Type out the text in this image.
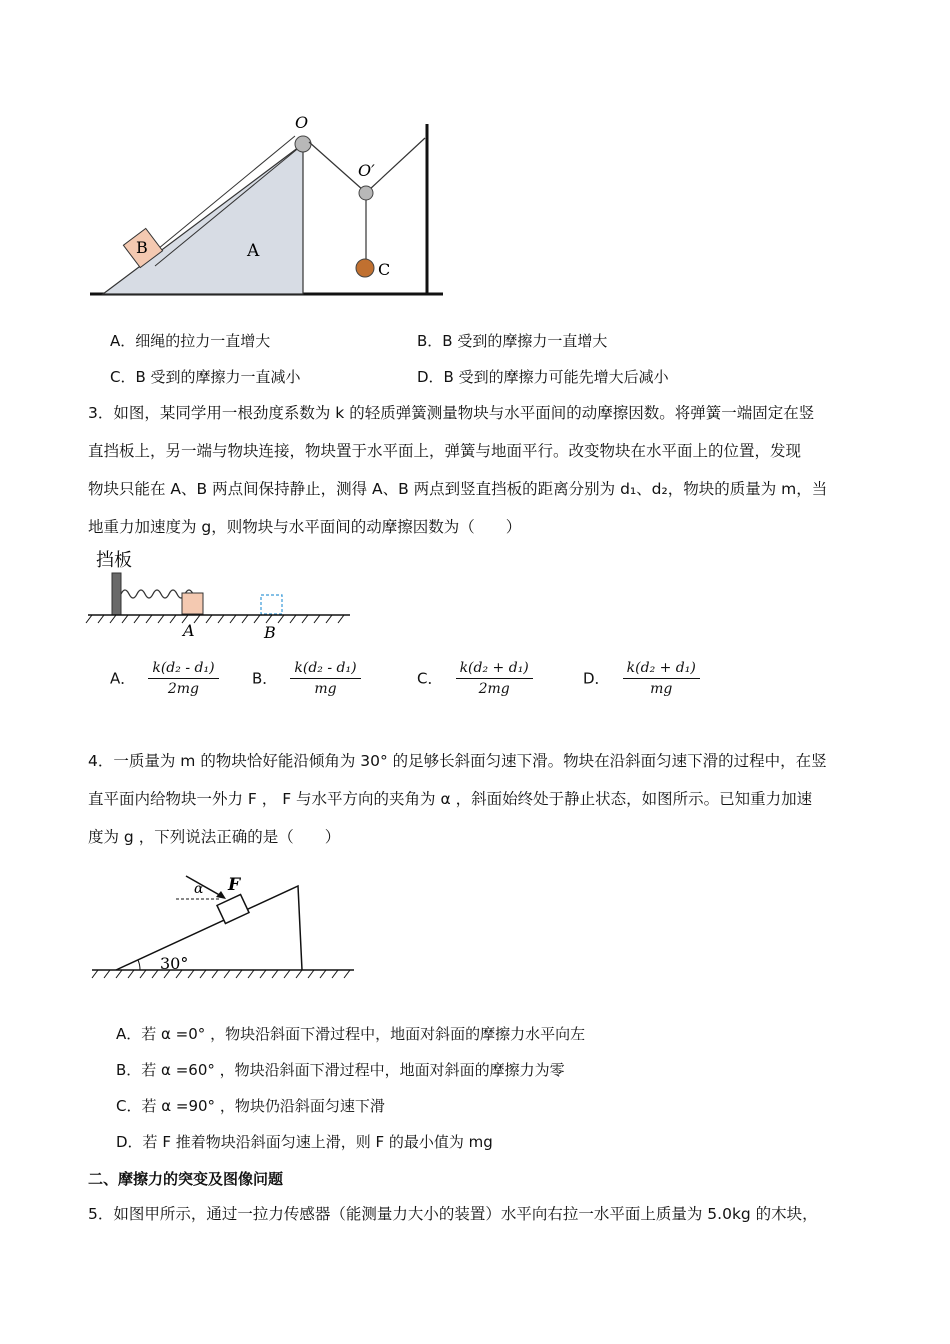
B	A
O
O′
C
A．细绳的拉力一直增大	B．B 受到的摩擦力一直增大
C．B 受到的摩擦力一直减小	D．B 受到的摩擦力可能先增大后减小
3．如图，某同学用一根劲度系数为 k 的轻质弹簧测量物块与水平面间的动摩擦因数。将弹簧一端固定在竖
直挡板上，另一端与物块连接，物块置于水平面上，弹簧与地面平行。改变物块在水平面上的位置，发现
物块只能在 A、B 两点间保持静止，测得 A、B 两点到竖直挡板的距离分别为 d₁、d₂，物块的质量为 m，当
地重力加速度为 g，则物块与水平面间的动摩擦因数为（　　）
挡板
A	B
A． $\frac{\text{k(d₂ - d₁)}}{2mg}$ B． $\frac{\text{k(d₂ - d₁)}}{mg}$	C． $\frac{\text{k(d₂ + d₁)}}{2mg}$	D． $\frac{\text{k(d₂ + d₁)}}{mg}$
4．一质量为 m 的物块恰好能沿倾角为 30° 的足够长斜面匀速下滑。物块在沿斜面匀速下滑的过程中，在竖
直平面内给物块一外力 F ， F 与水平方向的夹角为 α ，斜面始终处于静止状态，如图所示。已知重力加速
度为 g ，下列说法正确的是（　　）
30°
F
α
A．若 α =0° ，物块沿斜面下滑过程中，地面对斜面的摩擦力水平向左
B．若 α =60° ，物块沿斜面下滑过程中，地面对斜面的摩擦力为零
C．若 α =90° ，物块仍沿斜面匀速下滑
D．若 F 推着物块沿斜面匀速上滑，则 F 的最小值为 mg
二、摩擦力的突变及图像问题
5．如图甲所示，通过一拉力传感器（能测量力大小的装置）水平向右拉一水平面上质量为 5.0kg 的木块，
